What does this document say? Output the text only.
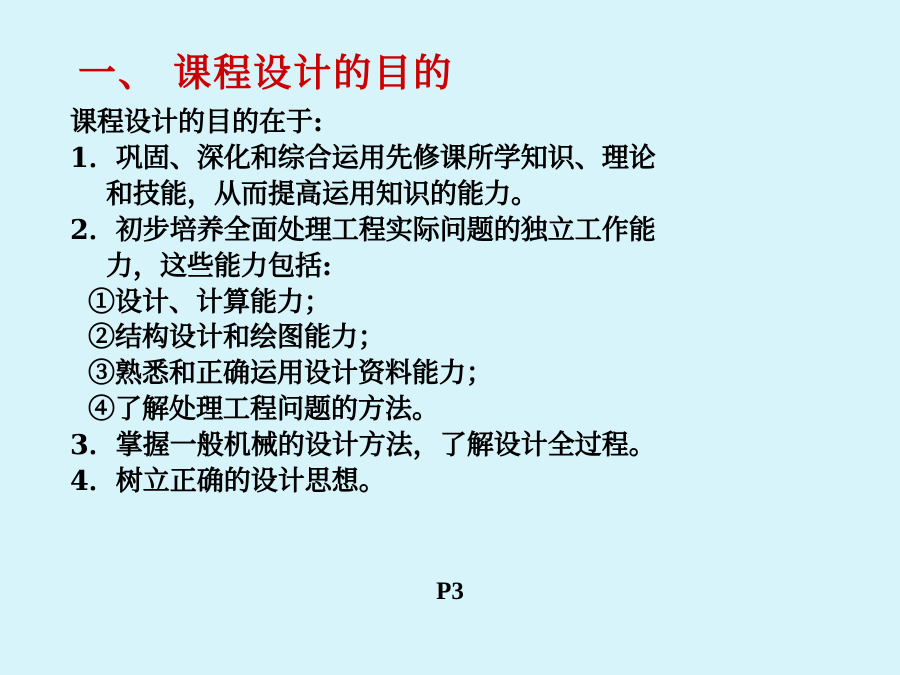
一、 课程设计的目的
课程设计的目的在于:
1．巩固、深化和综合运用先修课所学知识、理论
和技能，从而提高运用知识的能力。
2．初步培养全面处理工程实际问题的独立工作能
力，这些能力包括:
①设计、计算能力；
②结构设计和绘图能力；
③熟悉和正确运用设计资料能力；
④了解处理工程问题的方法。
3．掌握一般机械的设计方法，了解设计全过程。
4．树立正确的设计思想。
P3
